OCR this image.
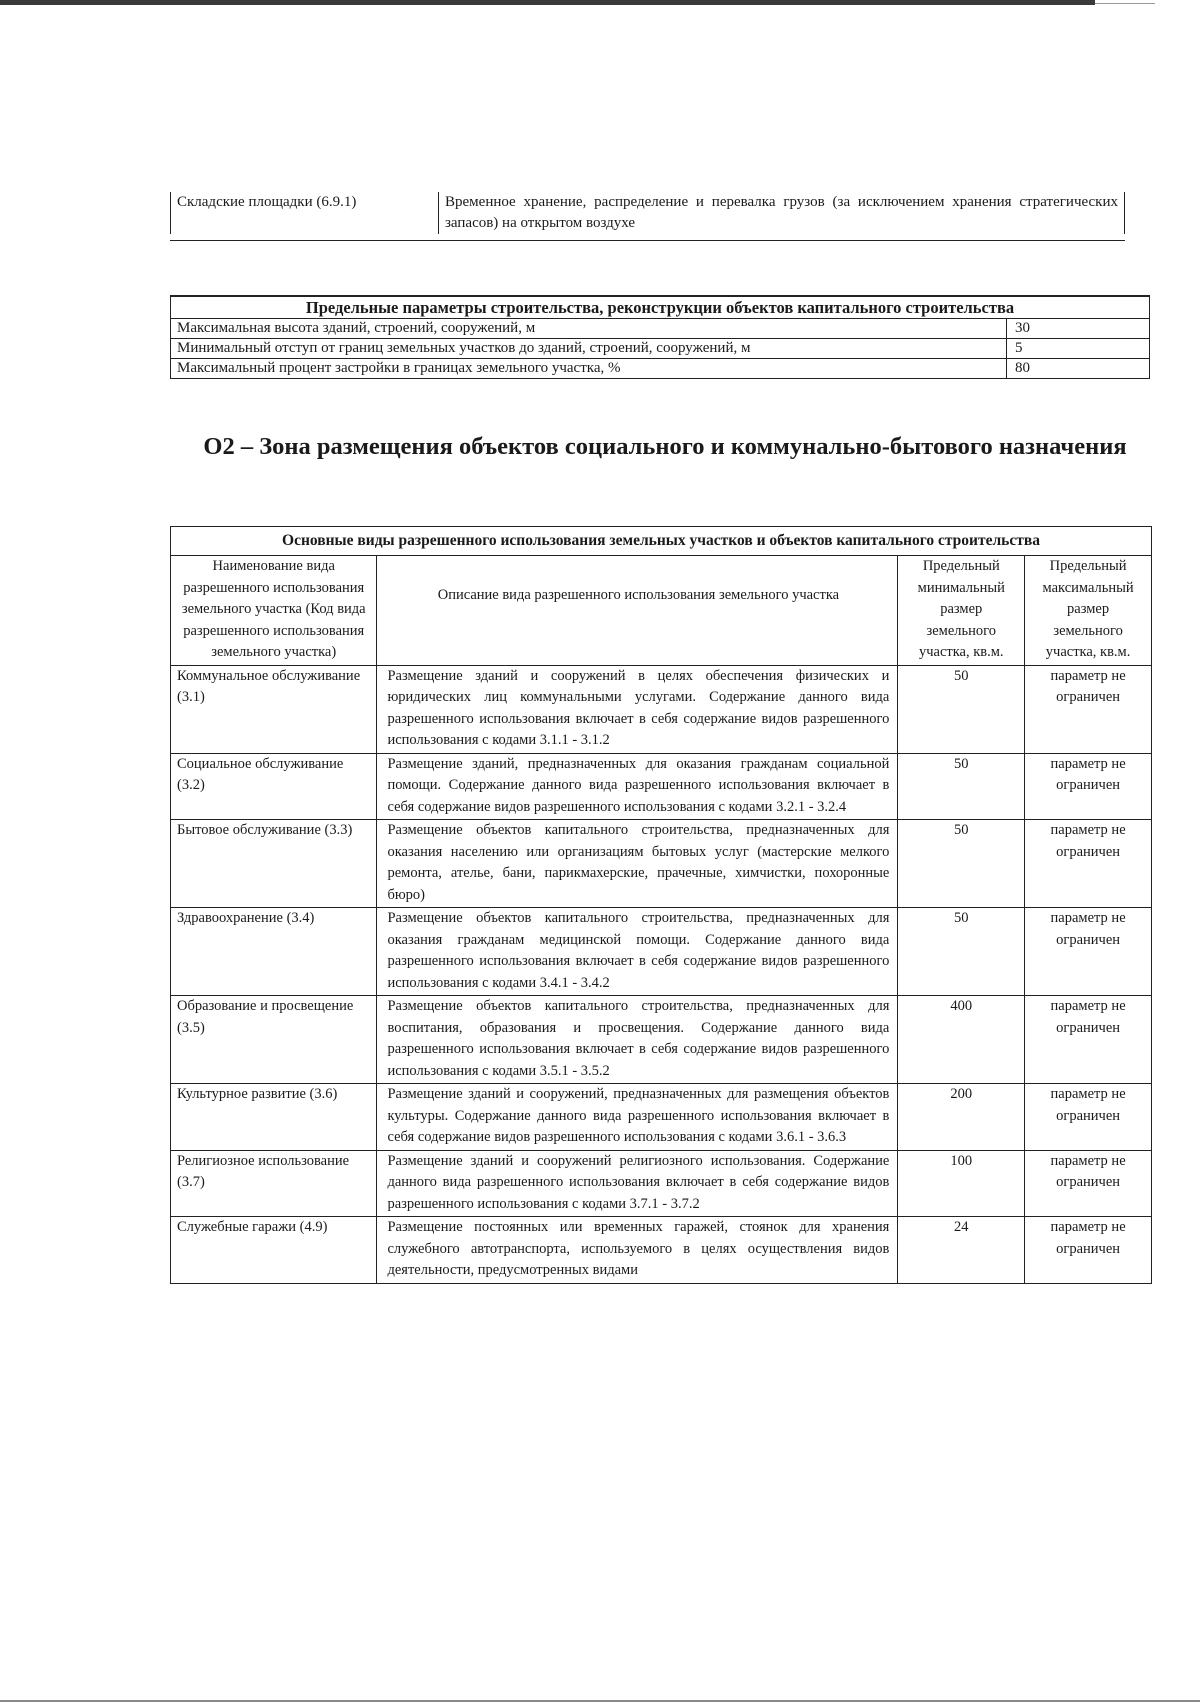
Складские площадки (6.9.1)	Временное хранение, распределение и перевалка грузов (за исключением хранения стратегических запасов) на открытом воздухе
Предельные параметры строительства, реконструкции объектов капитального строительства	
Максимальная высота зданий, строений, сооружений, м	30
Минимальный отступ от границ земельных участков до зданий, строений, сооружений, м	5
Максимальный процент застройки в границах земельного участка, %	80
О2 – Зона размещения объектов социального и коммунально-бытового назначения
Основные виды разрешенного использования земельных участков и объектов капитального строительства			
Наименование вида разрешенного использования земельного участка (Код вида разрешенного использования земельного участка)	Описание вида разрешенного использования земельного участка	Предельный минимальный размер земельного участка, кв.м.	Предельный максимальный размер земельного участка, кв.м.
Коммунальное обслуживание (3.1)	Размещение зданий и сооружений в целях обеспечения физических и юридических лиц коммунальными услугами. Содержание данного вида разрешенного использования включает в себя содержание видов разрешенного использования с кодами 3.1.1 - 3.1.2	50	параметр не ограничен
Социальное обслуживание (3.2)	Размещение зданий, предназначенных для оказания гражданам социальной помощи. Содержание данного вида разрешенного использования включает в себя содержание видов разрешенного использования с кодами 3.2.1 - 3.2.4	50	параметр не ограничен
Бытовое обслуживание (3.3)	Размещение объектов капитального строительства, предназначенных для оказания населению или организациям бытовых услуг (мастерские мелкого ремонта, ателье, бани, парикмахерские, прачечные, химчистки, похоронные бюро)	50	параметр не ограничен
Здравоохранение (3.4)	Размещение объектов капитального строительства, предназначенных для оказания гражданам медицинской помощи. Содержание данного вида разрешенного использования включает в себя содержание видов разрешенного использования с кодами 3.4.1 - 3.4.2	50	параметр не ограничен
Образование и просвещение (3.5)	Размещение объектов капитального строительства, предназначенных для воспитания, образования и просвещения. Содержание данного вида разрешенного использования включает в себя содержание видов разрешенного использования с кодами 3.5.1 - 3.5.2	400	параметр не ограничен
Культурное развитие (3.6)	Размещение зданий и сооружений, предназначенных для размещения объектов культуры. Содержание данного вида разрешенного использования включает в себя содержание видов разрешенного использования с кодами 3.6.1 - 3.6.3	200	параметр не ограничен
Религиозное использование (3.7)	Размещение зданий и сооружений религиозного использования. Содержание данного вида разрешенного использования включает в себя содержание видов разрешенного использования с кодами 3.7.1 - 3.7.2	100	параметр не ограничен
Служебные гаражи (4.9)	Размещение постоянных или временных гаражей, стоянок для хранения служебного автотранспорта, используемого в целях осуществления видов деятельности, предусмотренных видами	24	параметр не ограничен
